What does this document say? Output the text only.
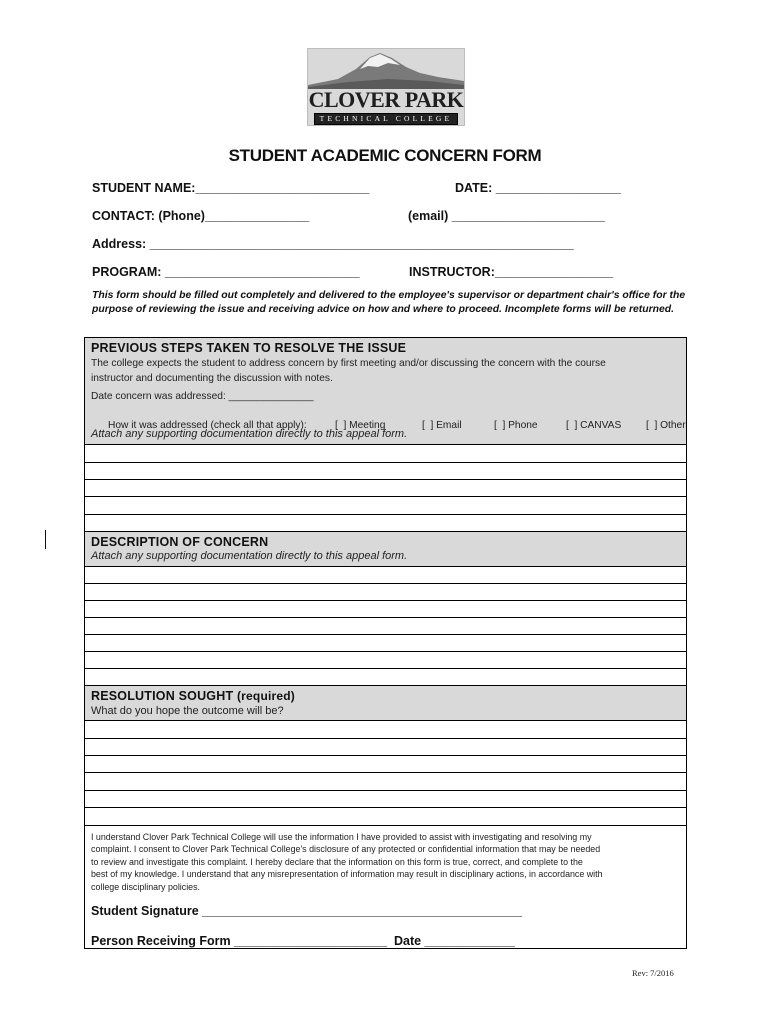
CLOVER PARK
TECHNICAL COLLEGE
STUDENT ACADEMIC CONCERN FORM
STUDENT NAME:_________________________	DATE: __________________
CONTACT: (Phone)_______________	(email) ______________________
Address: _____________________________________________________________
PROGRAM: ____________________________	INSTRUCTOR:_________________
This form should be filled out completely and delivered to the employee's supervisor or department chair's office for the purpose of reviewing the issue and receiving advice on how and where to proceed. Incomplete forms will be returned.
PREVIOUS STEPS TAKEN TO RESOLVE THE ISSUE
The college expects the student to address concern by first meeting and/or discussing the concern with the course
instructor and documenting the discussion with notes.
Date concern was addressed: _______________

How it was addressed (check all that apply):	[  ] Meeting	[  ] Email	[  ] Phone	[  ] CANVAS [  ] Other

Attach any supporting documentation directly to this appeal form.
DESCRIPTION OF CONCERN
Attach any supporting documentation directly to this appeal form.
RESOLUTION SOUGHT (required)
What do you hope the outcome will be?
I understand Clover Park Technical College will use the information I have provided to assist with investigating and resolving my
complaint. I consent to Clover Park Technical College's disclosure of any protected or confidential information that may be needed
to review and investigate this complaint. I hereby declare that the information on this form is true, correct, and complete to the
best of my knowledge. I understand that any misrepresentation of information may result in disciplinary actions, in accordance with
college disciplinary policies.
Student Signature ______________________________________________
Person Receiving Form ______________________  Date _____________
Rev: 7/2016
